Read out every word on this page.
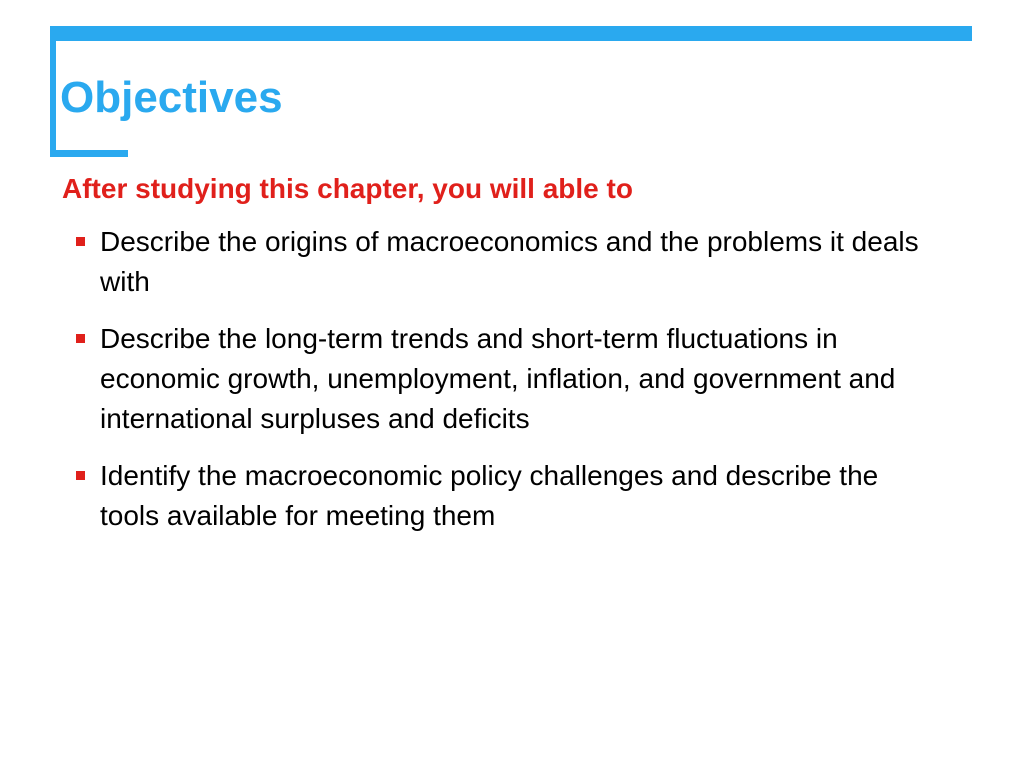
Objectives
After studying this chapter, you will able to
Describe the origins of macroeconomics and the problems it deals with
Describe the long-term trends and short-term fluctuations in economic growth, unemployment, inflation, and government and international surpluses and deficits
Identify the macroeconomic policy challenges and describe the tools available for meeting them
